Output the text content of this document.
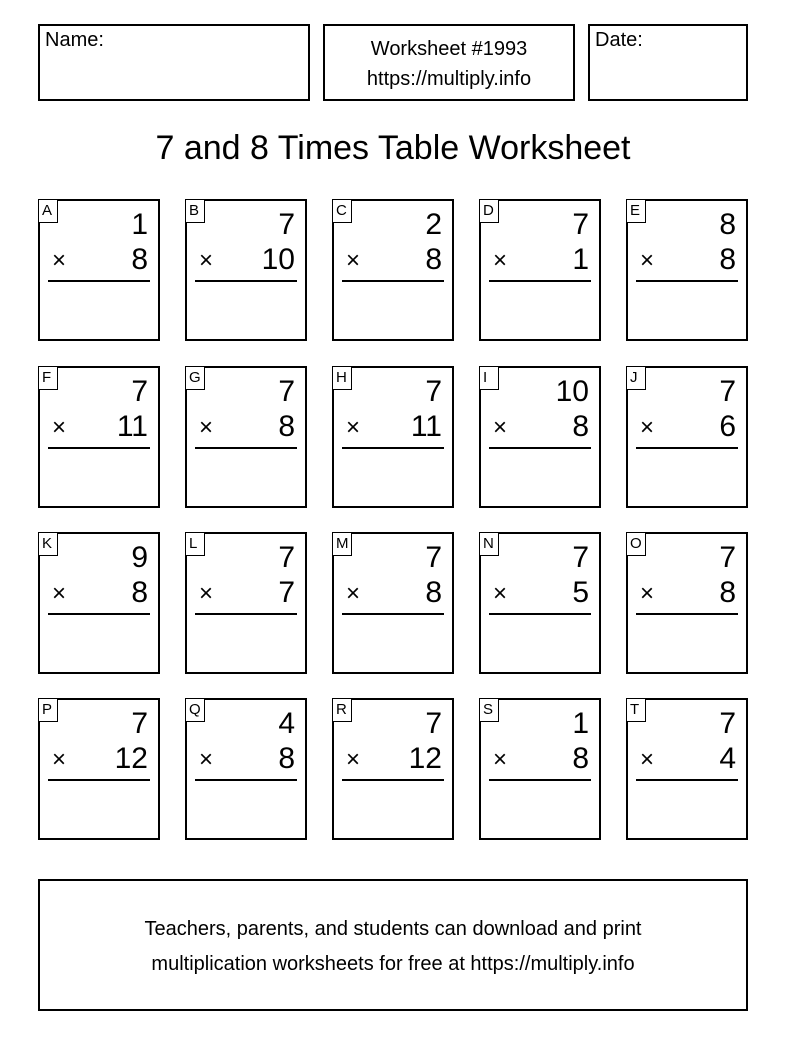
Name:	Worksheet #1993
https://multiply.info
Date:
7 and 8 Times Table Worksheet
A	1
× 8
B	7
× 10
C	2
× 8
D	7
× 1
E	8
× 8
F	7
× 11
G	7
× 8
H	7
× 11
I	10
× 8
J	7
× 6
K	9
× 8
L	7
× 7
M	7
× 8
N	7
× 5
O	7
× 8
P	7
× 12
Q	4
× 8
R	7
× 12
S	1
× 8
T	7
× 4
Teachers, parents, and students can download and print
multiplication worksheets for free at https://multiply.info
